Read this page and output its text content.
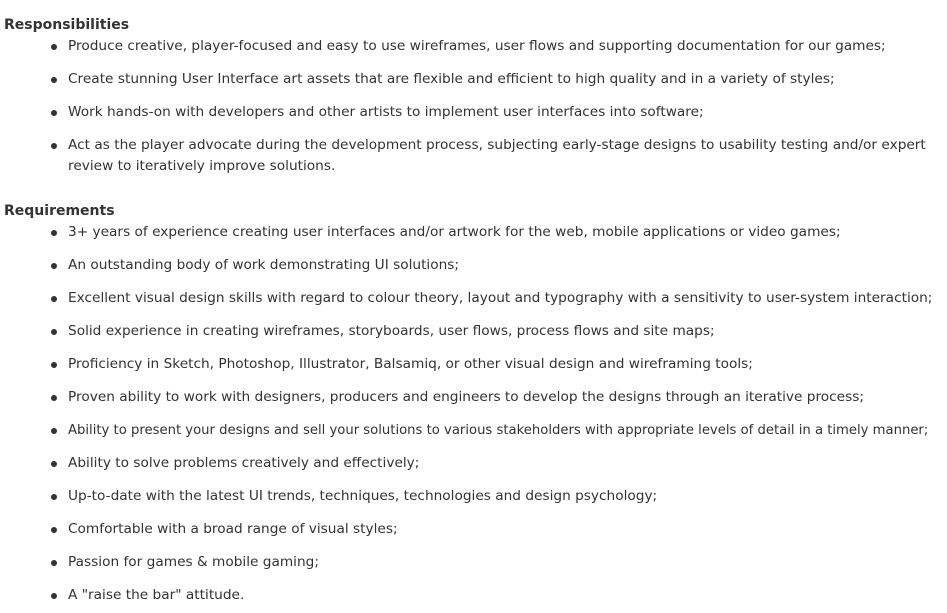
Responsibilities
Produce creative, player-focused and easy to use wireframes, user flows and supporting documentation for our games;
Create stunning User Interface art assets that are flexible and efficient to high quality and in a variety of styles;
Work hands-on with developers and other artists to implement user interfaces into software;
Act as the player advocate during the development process, subjecting early-stage designs to usability testing and/or expert review to iteratively improve solutions.
Requirements
3+ years of experience creating user interfaces and/or artwork for the web, mobile applications or video games;
An outstanding body of work demonstrating UI solutions;
Excellent visual design skills with regard to colour theory, layout and typography with a sensitivity to user-system interaction;
Solid experience in creating wireframes, storyboards, user flows, process flows and site maps;
Proficiency in Sketch, Photoshop, Illustrator, Balsamiq, or other visual design and wireframing tools;
Proven ability to work with designers, producers and engineers to develop the designs through an iterative process;
Ability to present your designs and sell your solutions to various stakeholders with appropriate levels of detail in a timely manner;
Ability to solve problems creatively and effectively;
Up-to-date with the latest UI trends, techniques, technologies and design psychology;
Comfortable with a broad range of visual styles;
Passion for games & mobile gaming;
A "raise the bar" attitude.
